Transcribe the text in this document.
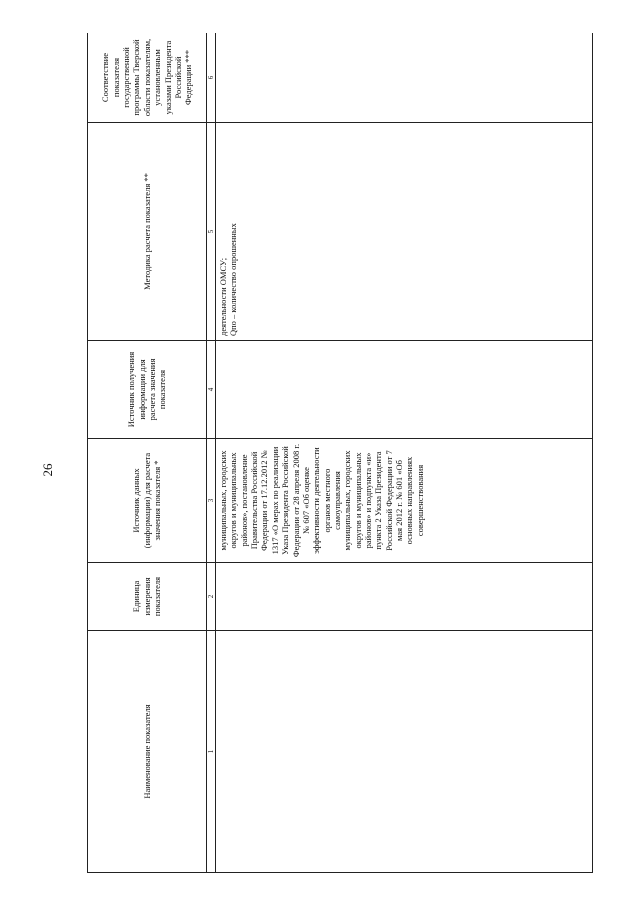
26
Наименование показателя	Единица измерения показателя	Источник данных (информации) для расчета значения показателя *	Источник получения информации для расчета значения показателя	Методика расчета показателя **	Соответствие показателя государственной программы Тверской области показателям, установленным указами Президента Российской Федерации ***
1	2	3	4	5	6
		муниципальных, городских округов и муниципальных районов», постановление Правительства Российской Федерации от 17.12.2012 № 1317 «О мерах по реализации Указа Президента Российской Федерации от 28 апреля 2008 г. № 607 «Об оценке эффективности деятельности органов местного самоуправления муниципальных, городских округов и муниципальных районов» и подпункта «и» пункта 2 Указа Президента Российской Федерации от 7 мая 2012 г. № 601 «Об основных направлениях совершенствования		деятельности ОМСУ; Qпо – количество опрошенных	
